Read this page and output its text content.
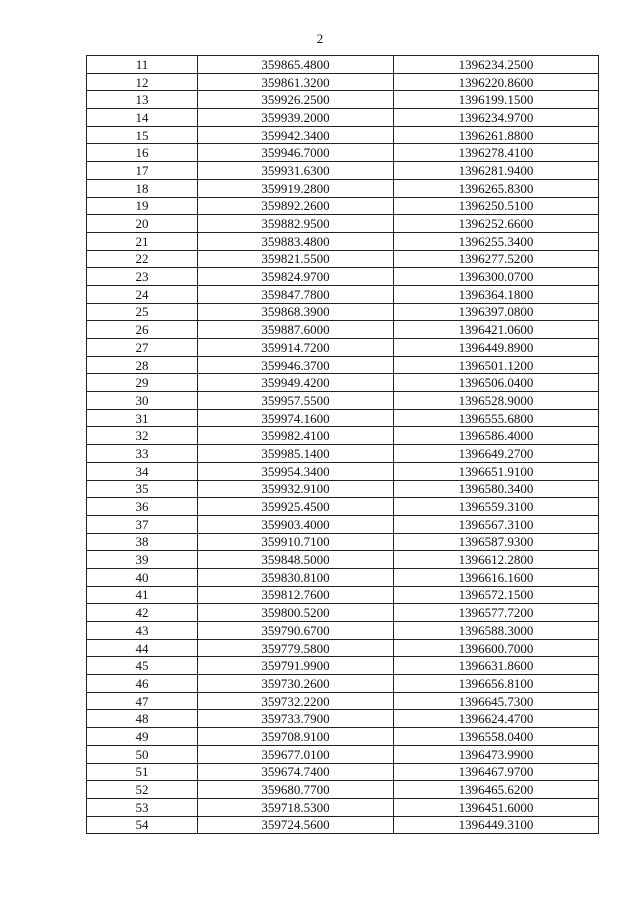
2
11	359865.4800	1396234.2500
12	359861.3200	1396220.8600
13	359926.2500	1396199.1500
14	359939.2000	1396234.9700
15	359942.3400	1396261.8800
16	359946.7000	1396278.4100
17	359931.6300	1396281.9400
18	359919.2800	1396265.8300
19	359892.2600	1396250.5100
20	359882.9500	1396252.6600
21	359883.4800	1396255.3400
22	359821.5500	1396277.5200
23	359824.9700	1396300.0700
24	359847.7800	1396364.1800
25	359868.3900	1396397.0800
26	359887.6000	1396421.0600
27	359914.7200	1396449.8900
28	359946.3700	1396501.1200
29	359949.4200	1396506.0400
30	359957.5500	1396528.9000
31	359974.1600	1396555.6800
32	359982.4100	1396586.4000
33	359985.1400	1396649.2700
34	359954.3400	1396651.9100
35	359932.9100	1396580.3400
36	359925.4500	1396559.3100
37	359903.4000	1396567.3100
38	359910.7100	1396587.9300
39	359848.5000	1396612.2800
40	359830.8100	1396616.1600
41	359812.7600	1396572.1500
42	359800.5200	1396577.7200
43	359790.6700	1396588.3000
44	359779.5800	1396600.7000
45	359791.9900	1396631.8600
46	359730.2600	1396656.8100
47	359732.2200	1396645.7300
48	359733.7900	1396624.4700
49	359708.9100	1396558.0400
50	359677.0100	1396473.9900
51	359674.7400	1396467.9700
52	359680.7700	1396465.6200
53	359718.5300	1396451.6000
54	359724.5600	1396449.3100
